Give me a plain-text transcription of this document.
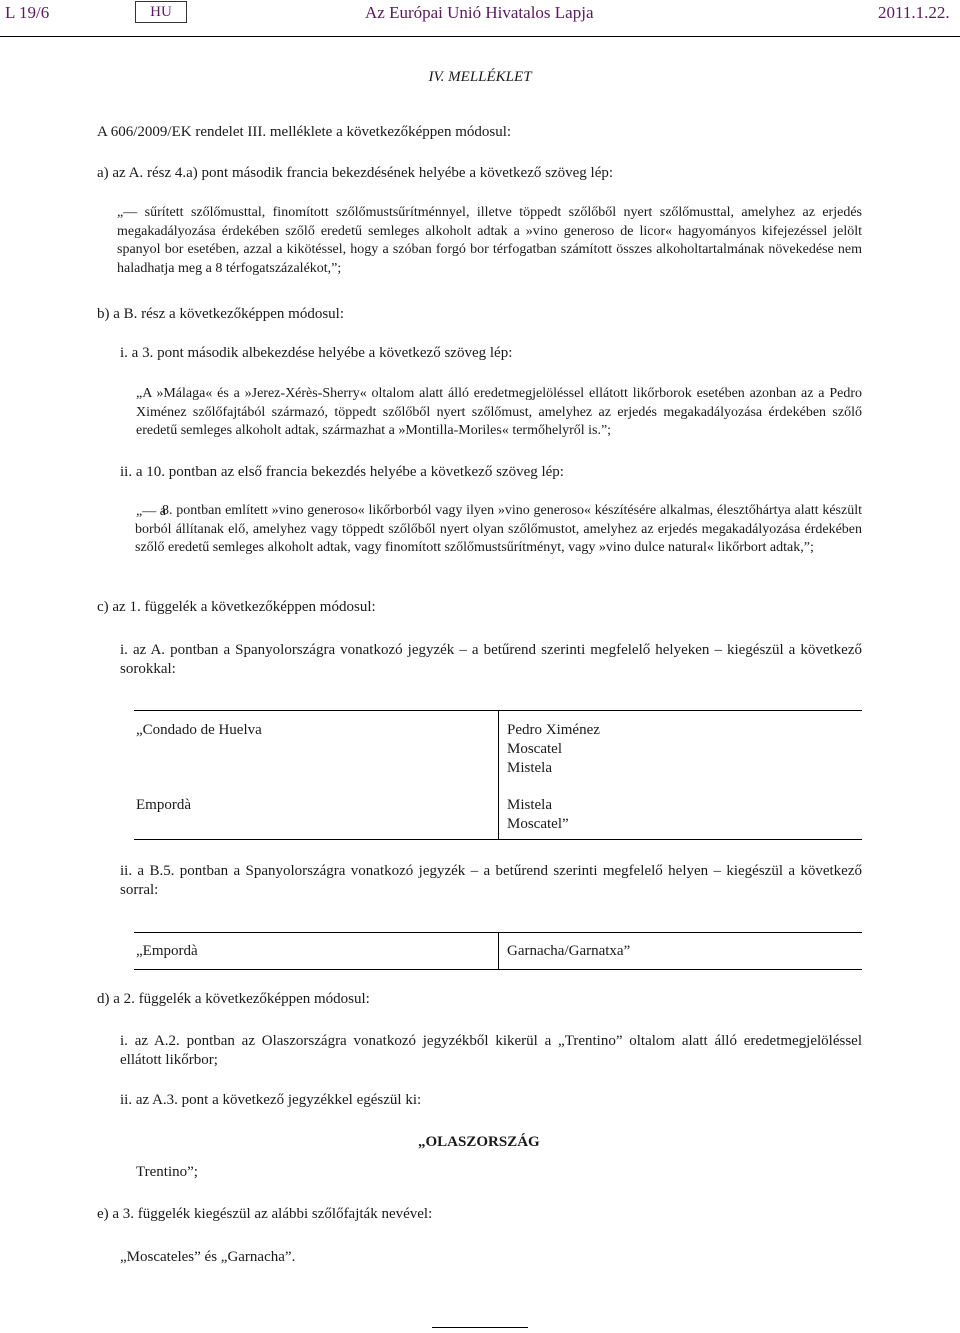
L 19/6	HU	Az Európai Unió Hivatalos Lapja	2011.1.22.
IV. MELLÉKLET
A 606/2009/EK rendelet III. melléklete a következőképpen módosul:
a) az A. rész 4.a) pont második francia bekezdésének helyébe a következő szöveg lép:
„— sűrített szőlőmusttal, finomított szőlőmustsűrítménnyel, illetve töppedt szőlőből nyert szőlőmusttal, amelyhez az erjedés megakadályozása érdekében szőlő eredetű semleges alkoholt adtak a »vino generoso de licor« hagyományos kifejezéssel jelölt spanyol bor esetében, azzal a kikötéssel, hogy a szóban forgó bor térfogatban számított összes alkoholtartalmának növekedése nem haladhatja meg a 8 térfogatszázalékot,”;
b) a B. rész a következőképpen módosul:
i. a 3. pont második albekezdése helyébe a következő szöveg lép:
„A »Málaga« és a »Jerez-Xérès-Sherry« oltalom alatt álló eredetmegjelöléssel ellátott likőrborok esetében azonban az a Pedro Ximénez szőlőfajtából származó, töppedt szőlőből nyert szőlőmust, amelyhez az erjedés megakadályozása érdekében szőlő eredetű semleges alkoholt adtak, származhat a »Montilla-Moriles« termőhelyről is.”;
ii. a 10. pontban az első francia bekezdés helyébe a következő szöveg lép:
„— a
8. pontban említett »vino generoso« likőrborból vagy ilyen »vino generoso« készítésére alkalmas, élesztőhártya alatt készült borból állítanak elő, amelyhez vagy töppedt szőlőből nyert olyan szőlőmustot, amelyhez az erjedés megakadályozása érdekében szőlő eredetű semleges alkoholt adtak, vagy finomított szőlőmustsűrítményt, vagy »vino dulce natural« likőrbort adtak,”;
c) az 1. függelék a következőképpen módosul:
i. az A. pontban a Spanyolországra vonatkozó jegyzék – a betűrend szerinti megfelelő helyeken – kiegészül a következő sorokkal:
„Condado de Huelva	Pedro Ximénez
Moscatel
Mistela
Empordà	Mistela
Moscatel”
ii. a B.5. pontban a Spanyolországra vonatkozó jegyzék – a betűrend szerinti megfelelő helyen – kiegészül a következő sorral:
„Empordà	Garnacha/Garnatxa”
d) a 2. függelék a következőképpen módosul:
i. az A.2. pontban az Olaszországra vonatkozó jegyzékből kikerül a „Trentino” oltalom alatt álló eredetmegjelöléssel ellátott likőrbor;
ii. az A.3. pont a következő jegyzékkel egészül ki:
„OLASZORSZÁG
Trentino”;
e) a 3. függelék kiegészül az alábbi szőlőfajták nevével:
„Moscateles” és „Garnacha”.
